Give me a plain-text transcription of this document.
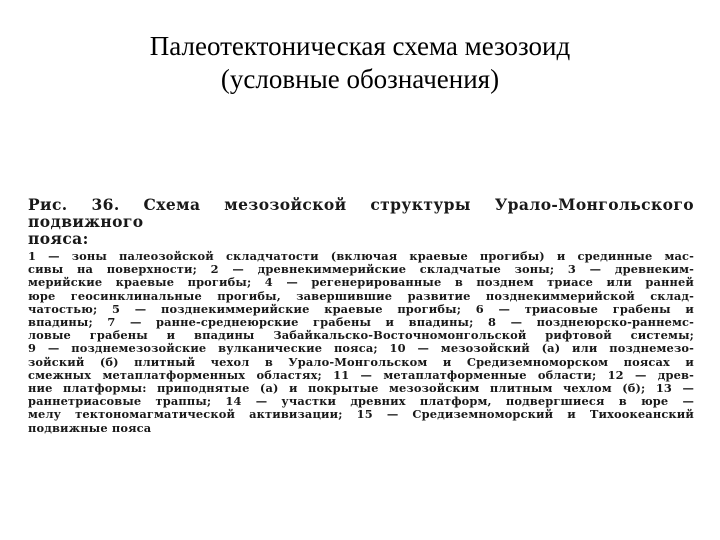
Палеотектоническая схема мезозоид
(условные обозначения)
Рис. 36. Схема мезозойской структуры Урало-Монгольского подвижного
пояса:
1 — зоны палеозойской складчатости (включая краевые прогибы) и срединные мас-
сивы на поверхности; 2 — древнекиммерийские складчатые зоны; 3 — древнеким-
мерийские краевые прогибы; 4 — регенерированные в позднем триасе или ранней
юре геосинклинальные прогибы, завершившие развитие позднекиммерийской склад-
чатостью; 5 — позднекиммерийские краевые прогибы; 6 — триасовые грабены и
впадины; 7 — ранне-среднеюрские грабены и впадины; 8 — позднеюрско-раннемс-
ловые грабены и впадины Забайкальско-Восточномонгольской рифтовой системы;
9 — позднемезозойские вулканические пояса; 10 — мезозойский (а) или позднемезо-
зойский (б) плитный чехол в Урало-Монгольском и Средиземноморском поясах и
смежных метаплатформенных областях; 11 — метаплатформенные области; 12 — древ-
ние платформы: приподнятые (а) и покрытые мезозойским плитным чехлом (б); 13 —
раннетриасовые траппы; 14 — участки древних платформ, подвергшиеся в юре —
мелу тектономагматической активизации; 15 — Средиземноморский и Тихоокеанский
подвижные пояса
